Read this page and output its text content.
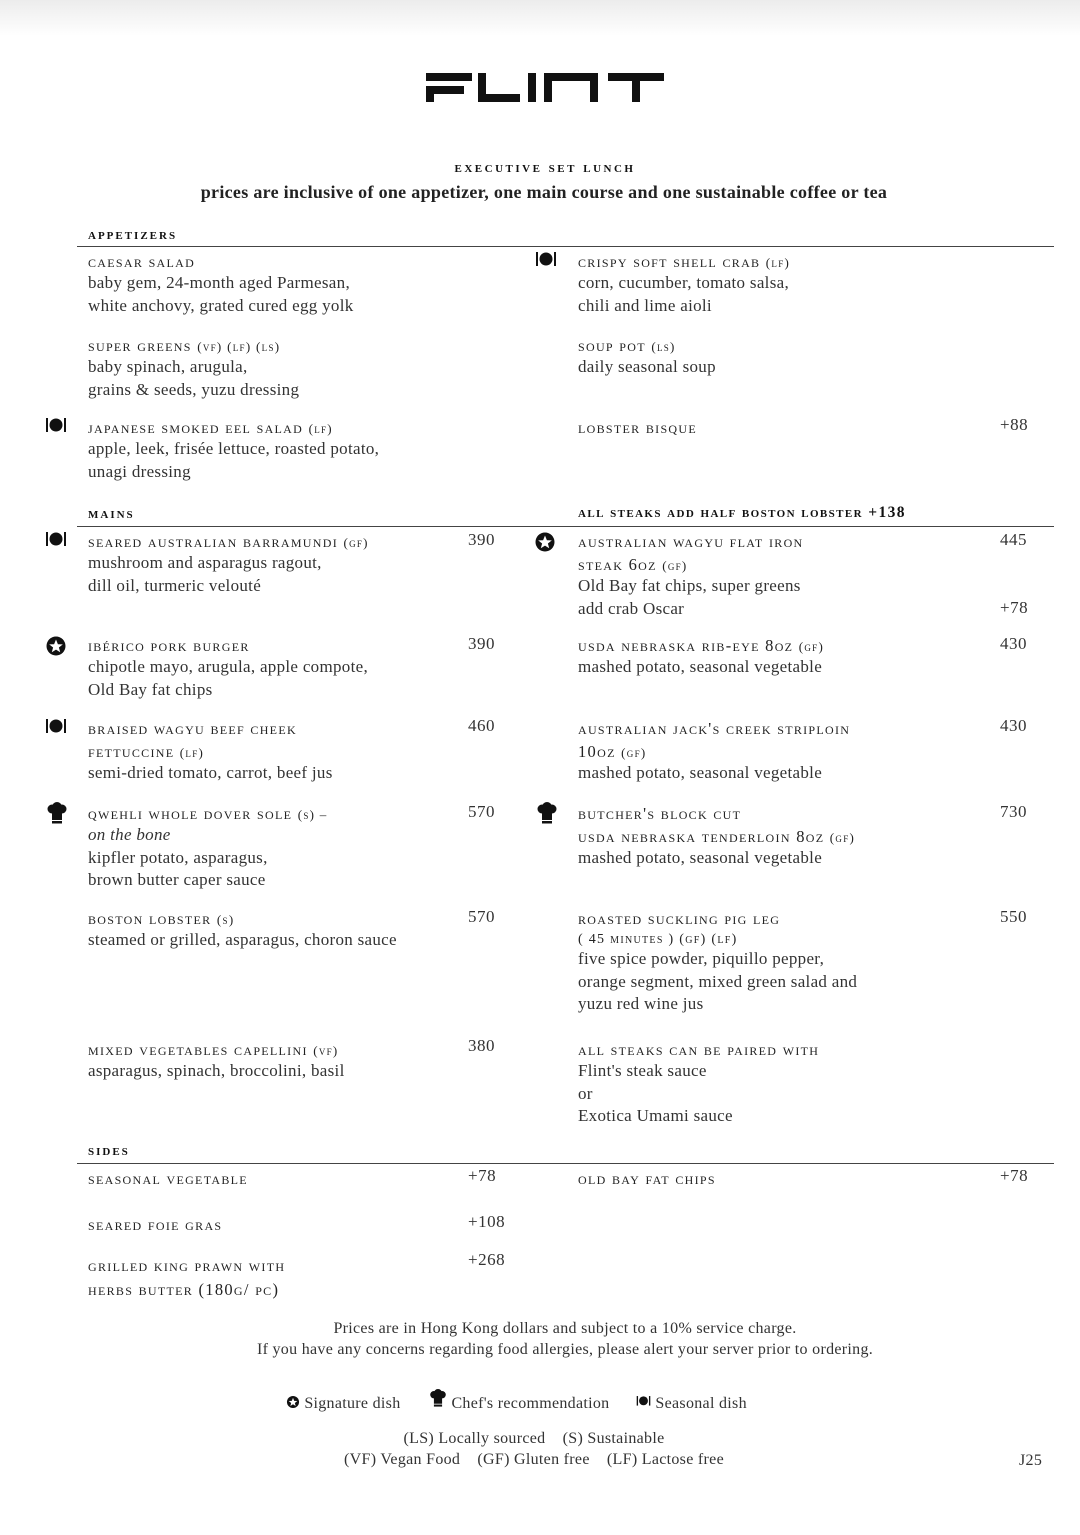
executive set lunch
prices are inclusive of one appetizer, one main course and one sustainable coffee or tea
appetizers
caesar salad
baby gem, 24-month aged Parmesan,
white anchovy, grated cured egg yolk
super greens (vf) (lf) (ls)
baby spinach, arugula,
grains & seeds, yuzu dressing
japanese smoked eel salad (lf)
apple, leek, frisée lettuce, roasted potato,
unagi dressing
crispy soft shell crab (lf)
corn, cucumber, tomato salsa,
chili and lime aioli
soup pot (ls)
daily seasonal soup
lobster bisque	+88
mains	all steaks add half boston lobster +138
seared australian barramundi (gf)
mushroom and asparagus ragout,
dill oil, turmeric velouté
390
ibérico pork burger
chipotle mayo, arugula, apple compote,
Old Bay fat chips
390
braised wagyu beef cheek
fettuccine (lf)
semi-dried tomato, carrot, beef jus
460
qwehli whole dover sole (s) –
on the bone
kipfler potato, asparagus,
brown butter caper sauce
570
boston lobster (s)
steamed or grilled, asparagus, choron sauce
570
mixed vegetables capellini (vf)
asparagus, spinach, broccolini, basil
380
australian wagyu flat iron
steak 6oz (gf)
Old Bay fat chips, super greens
add crab Oscar
445
+78
usda nebraska rib-eye 8oz (gf)
mashed potato, seasonal vegetable
430
australian jack's creek striploin
10oz (gf)
mashed potato, seasonal vegetable
430
butcher's block cut
usda nebraska tenderloin 8oz (gf)
mashed potato, seasonal vegetable
730
roasted suckling pig leg
( 45 minutes ) (gf) (lf)
five spice powder, piquillo pepper,
orange segment, mixed green salad and
yuzu red wine jus
550
all steaks can be paired with
Flint's steak sauce
or
Exotica Umami sauce
sides
seasonal vegetable	+78
seared foie gras	+108
grilled king prawn with
herbs butter (180g/ pc)
+268
old bay fat chips	+78
Prices are in Hong Kong dollars and subject to a 10% service charge.
If you have any concerns regarding food allergies, please alert your server prior to ordering.
Signature dish	Chef's recommendation	Seasonal dish
(LS) Locally sourced    (S) Sustainable
(VF) Vegan Food    (GF) Gluten free    (LF) Lactose free	J25
